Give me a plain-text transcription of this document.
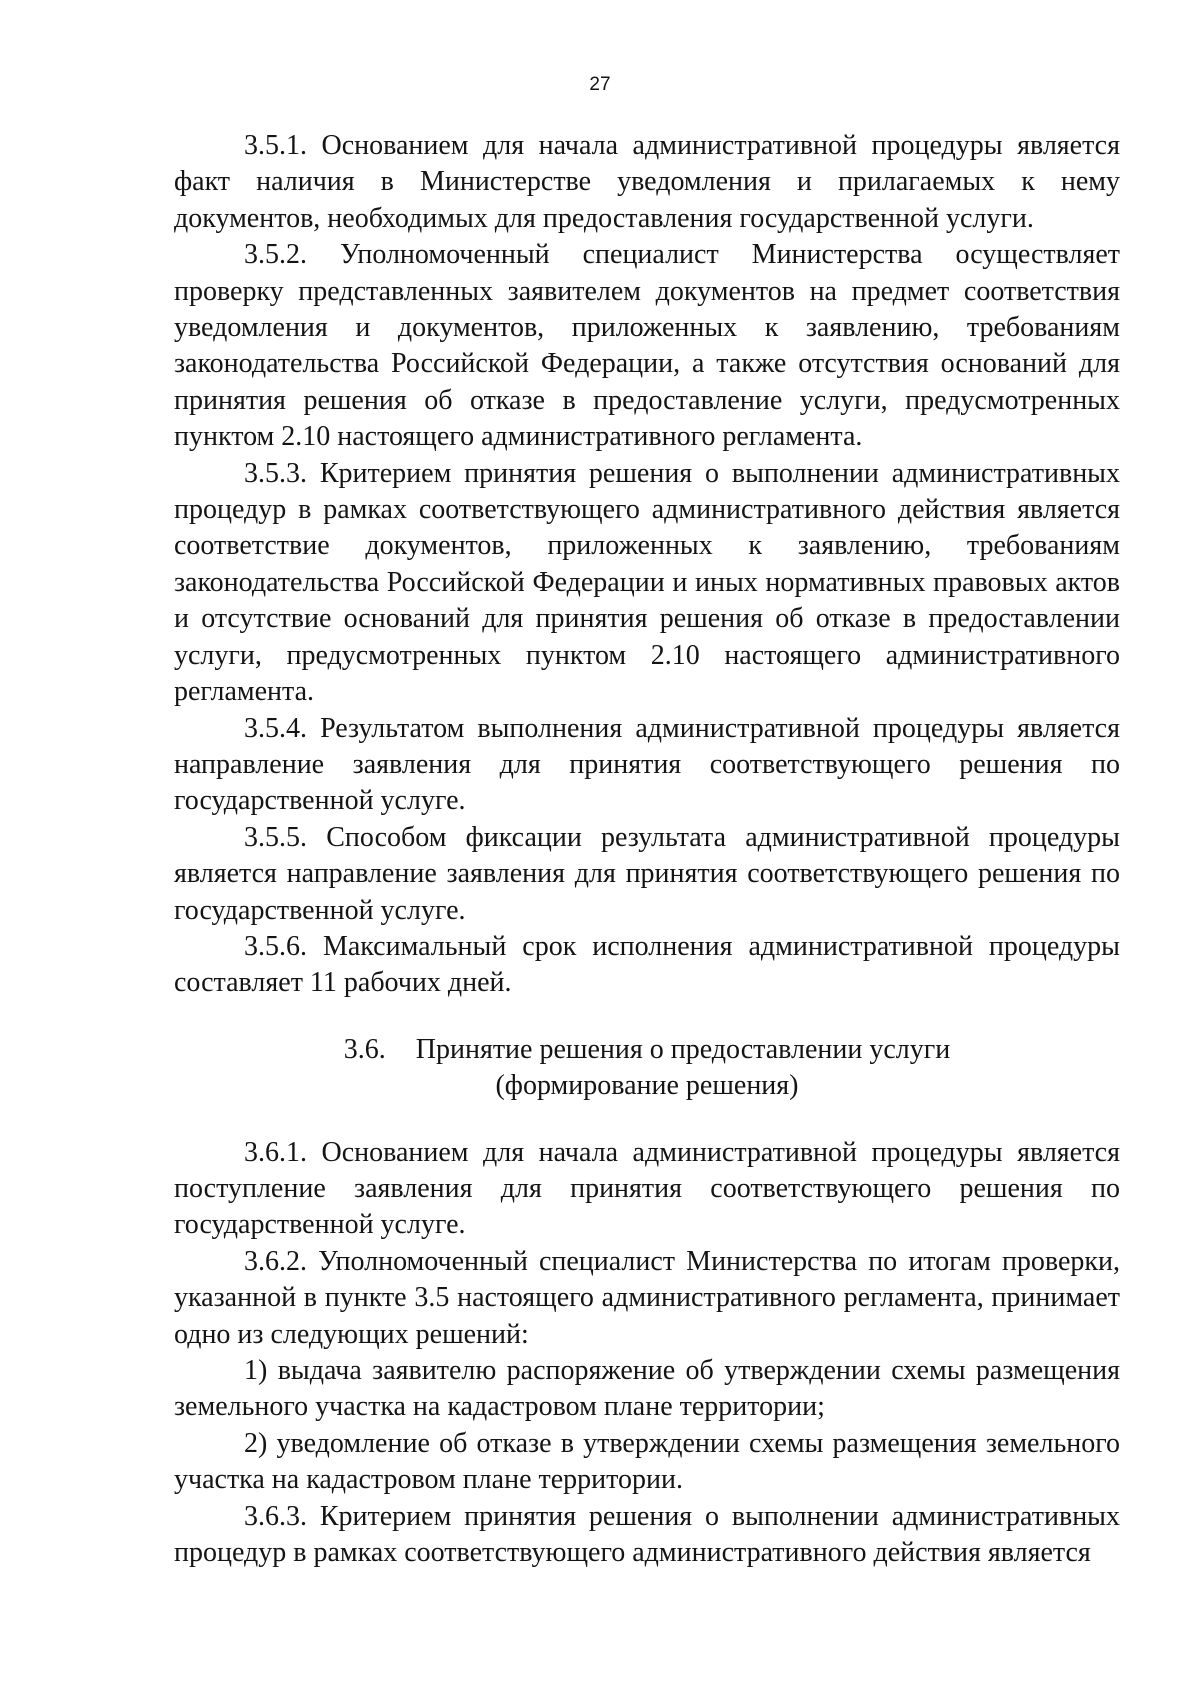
27

3.5.1. Основанием для начала административной процедуры является факт наличия в Министерстве уведомления и прилагаемых к нему документов, необходимых для предоставления государственной услуги.

3.5.2. Уполномоченный специалист Министерства осуществляет проверку представленных заявителем документов на предмет соответствия уведомления и документов, приложенных к заявлению, требованиям законодательства Российской Федерации, а также отсутствия оснований для принятия решения об отказе в предоставление услуги, предусмотренных пунктом 2.10 настоящего административного регламента.

3.5.3. Критерием принятия решения о выполнении административных процедур в рамках соответствующего административного действия является соответствие документов, приложенных к заявлению, требованиям законодательства Российской Федерации и иных нормативных правовых актов и отсутствие оснований для принятия решения об отказе в предоставлении услуги, предусмотренных пунктом 2.10 настоящего административного регламента.

3.5.4. Результатом выполнения административной процедуры является направление заявления для принятия соответствующего решения по государственной услуге.

3.5.5. Способом фиксации результата административной процедуры является направление заявления для принятия соответствующего решения по государственной услуге.

3.5.6. Максимальный срок исполнения административной процедуры составляет 11 рабочих дней.

3.6. Принятие решения о предоставлении услуги
(формирование решения)

3.6.1. Основанием для начала административной процедуры является поступление заявления для принятия соответствующего решения по государственной услуге.

3.6.2. Уполномоченный специалист Министерства по итогам проверки, указанной в пункте 3.5 настоящего административного регламента, принимает одно из следующих решений:

1) выдача заявителю распоряжение об утверждении схемы размещения земельного участка на кадастровом плане территории;

2) уведомление об отказе в утверждении схемы размещения земельного участка на кадастровом плане территории.

3.6.3. Критерием принятия решения о выполнении административных процедур в рамках соответствующего административного действия является
